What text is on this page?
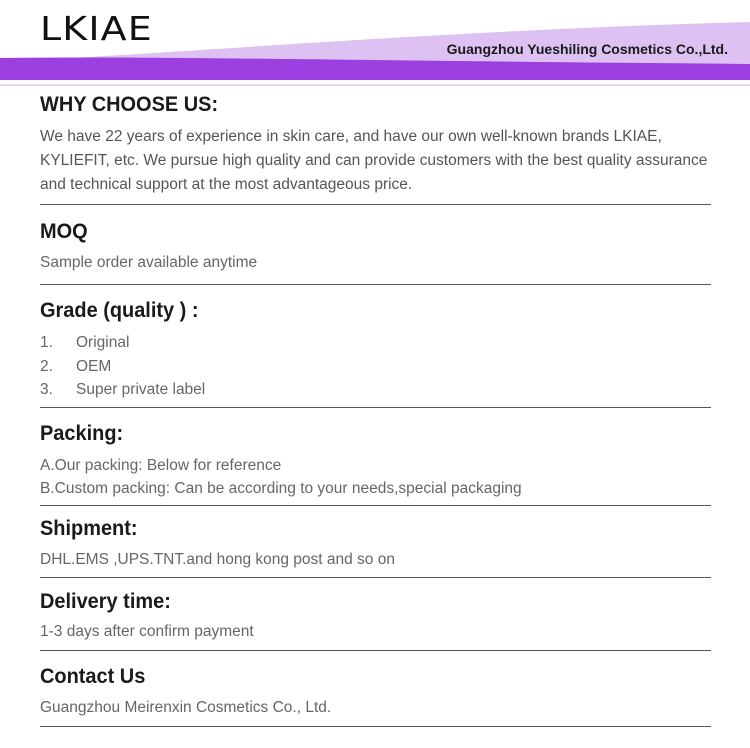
LKIAE
Guangzhou Yueshiling Cosmetics Co.,Ltd.

WHY CHOOSE US:

We have 22 years of experience in skin care, and have our own well-known brands LKIAE, KYLIEFIT, etc. We pursue high quality and can provide customers with the best quality assurance and technical support at the most advantageous price.

MOQ

Sample order available anytime

Grade (quality ) :

1.	Original
2.	OEM
3.	Super private label

Packing:

A.Our packing: Below for reference

B.Custom packing: Can be according to your needs,special packaging

Shipment:

DHL.EMS ,UPS.TNT.and hong kong post and so on

Delivery time:

1-3 days after confirm payment

Contact Us

Guangzhou Meirenxin Cosmetics Co., Ltd.
